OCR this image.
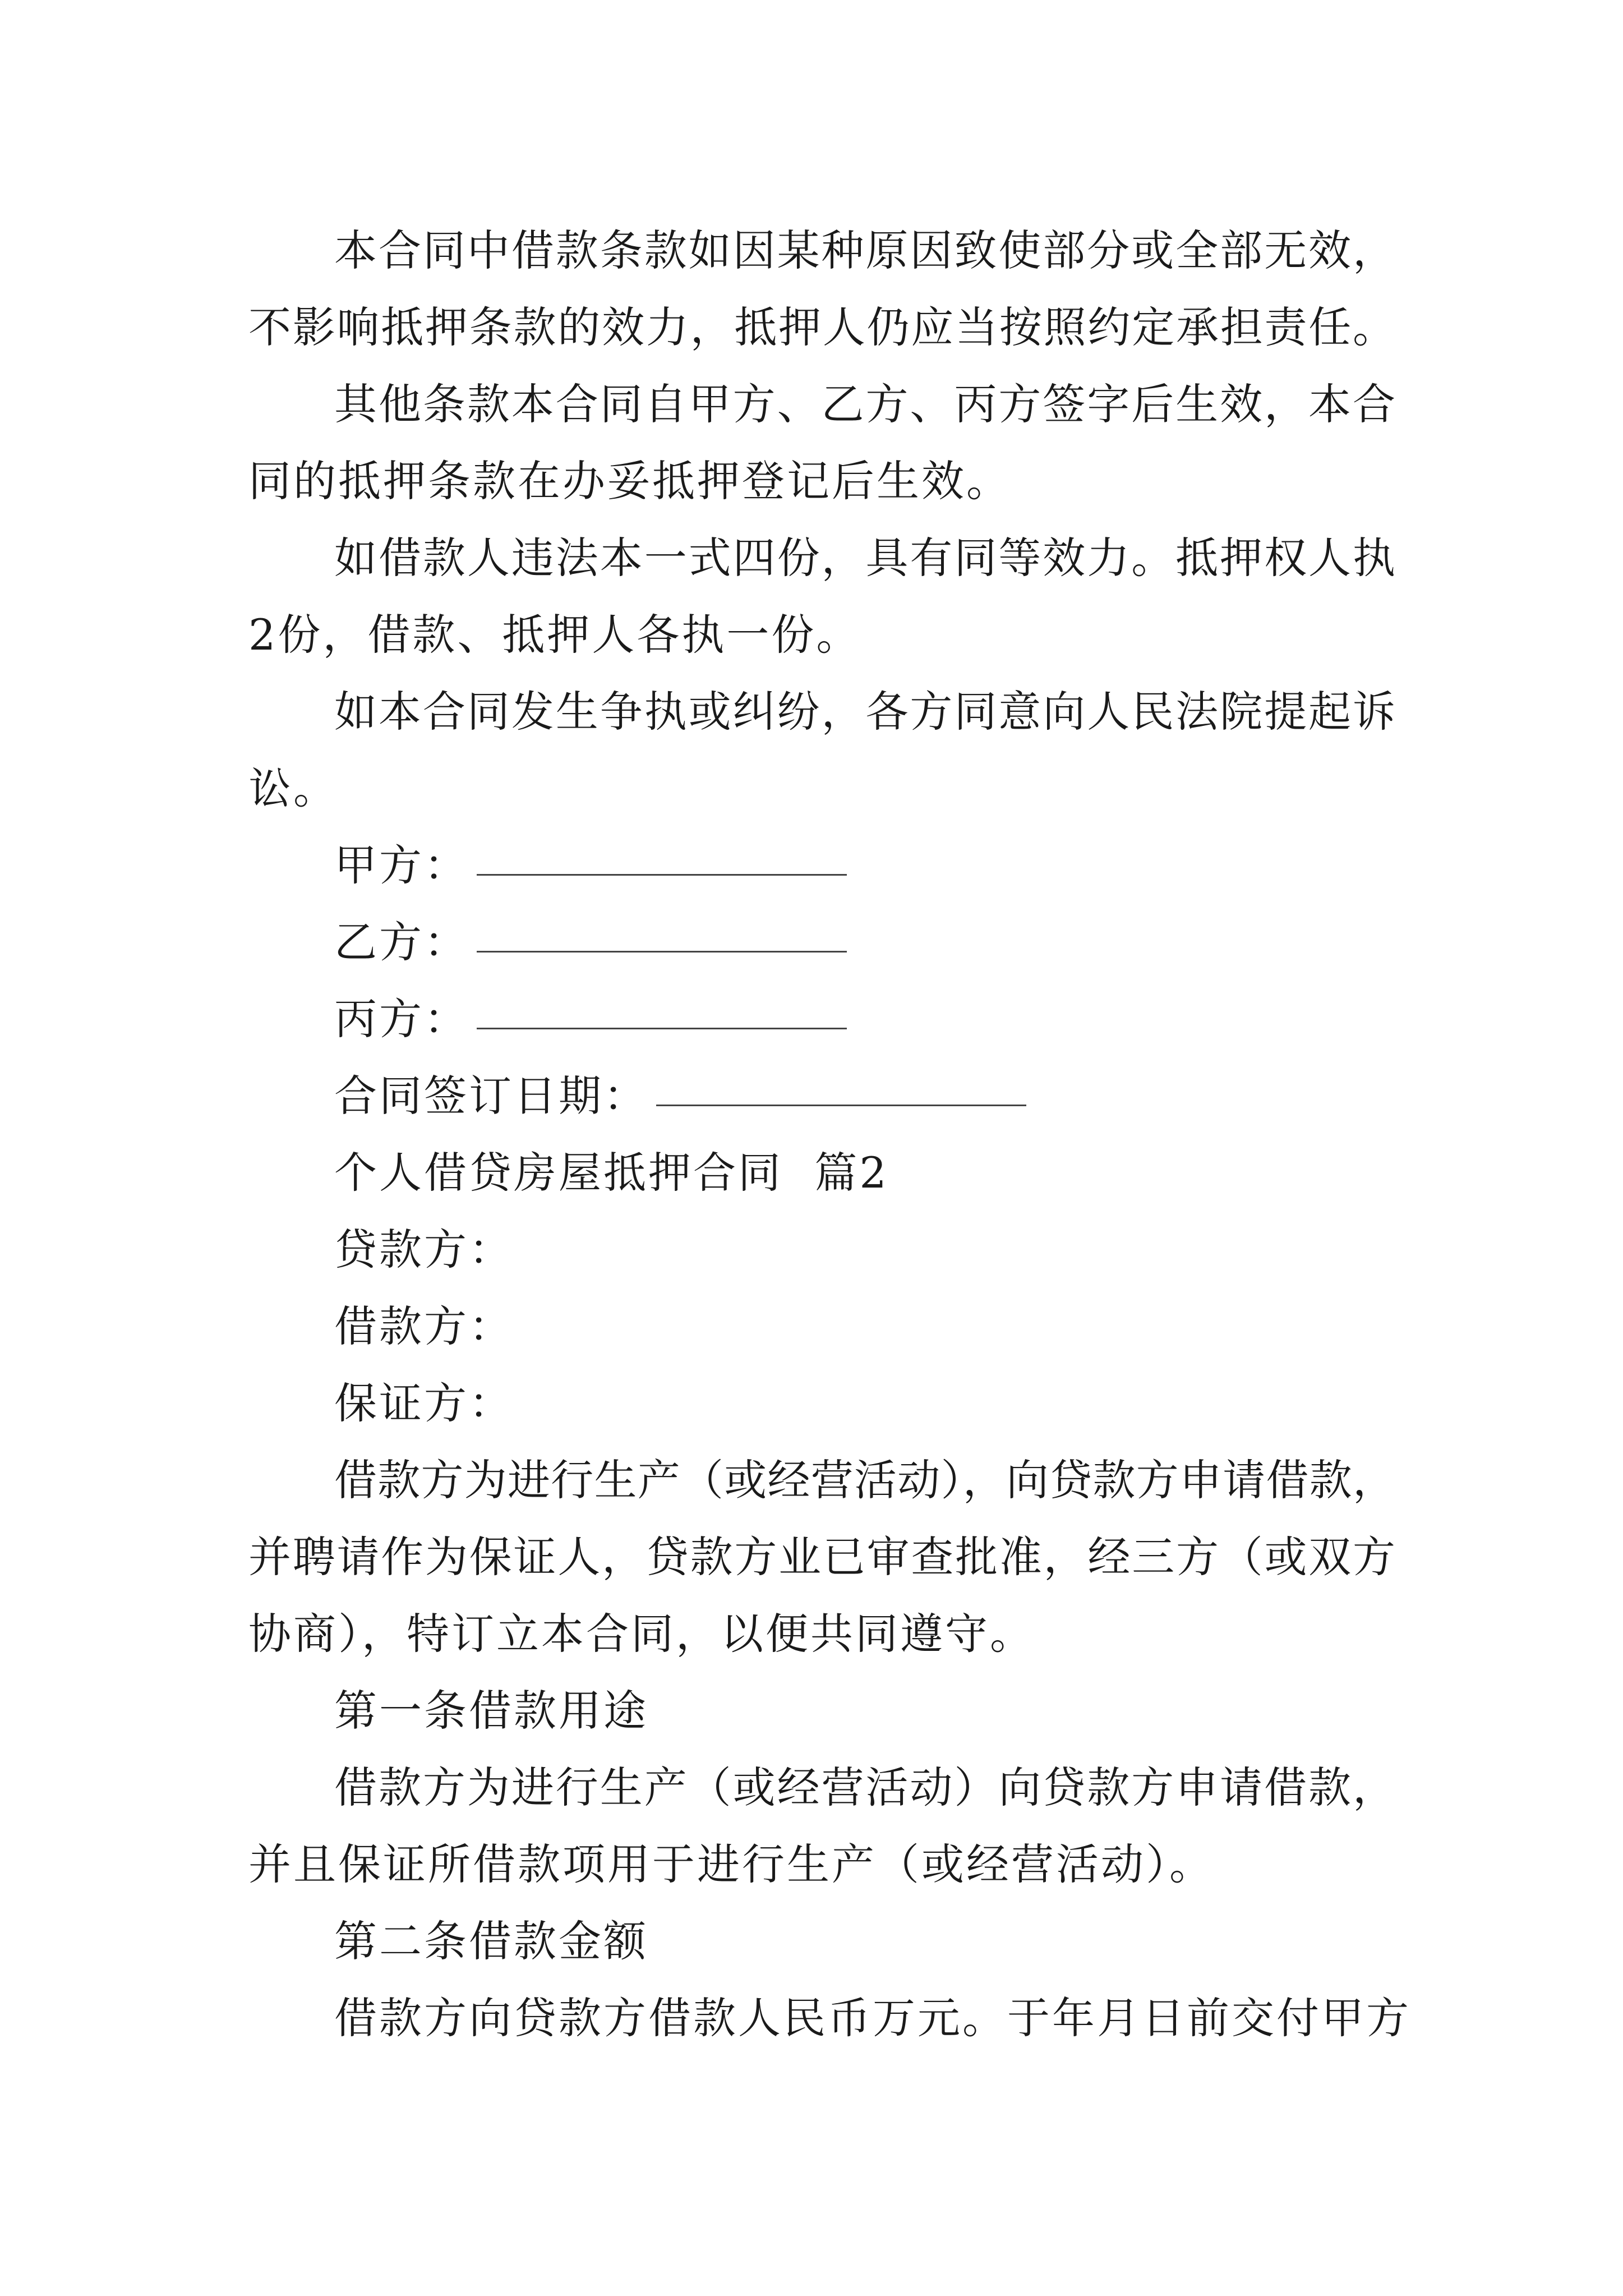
本合同中借款条款如因某种原因致使部分或全部无效，
不影响抵押条款的效力，抵押人仍应当按照约定承担责任。
其他条款本合同自甲方、乙方、丙方签字后生效，本合
同的抵押条款在办妥抵押登记后生效。
如借款人违法本一式四份，具有同等效力。抵押权人执
2份，借款、抵押人各执一份。
如本合同发生争执或纠纷，各方同意向人民法院提起诉
讼。
甲方：
乙方：
丙方：
合同签订日期：
个人借贷房屋抵押合同  篇2
贷款方：
借款方：
保证方：
借款方为进行生产（或经营活动），向贷款方申请借款，
并聘请作为保证人，贷款方业已审查批准，经三方（或双方
协商），特订立本合同，以便共同遵守。
第一条借款用途
借款方为进行生产（或经营活动）向贷款方申请借款，
并且保证所借款项用于进行生产（或经营活动）。
第二条借款金额
借款方向贷款方借款人民币万元。于年月日前交付甲方
